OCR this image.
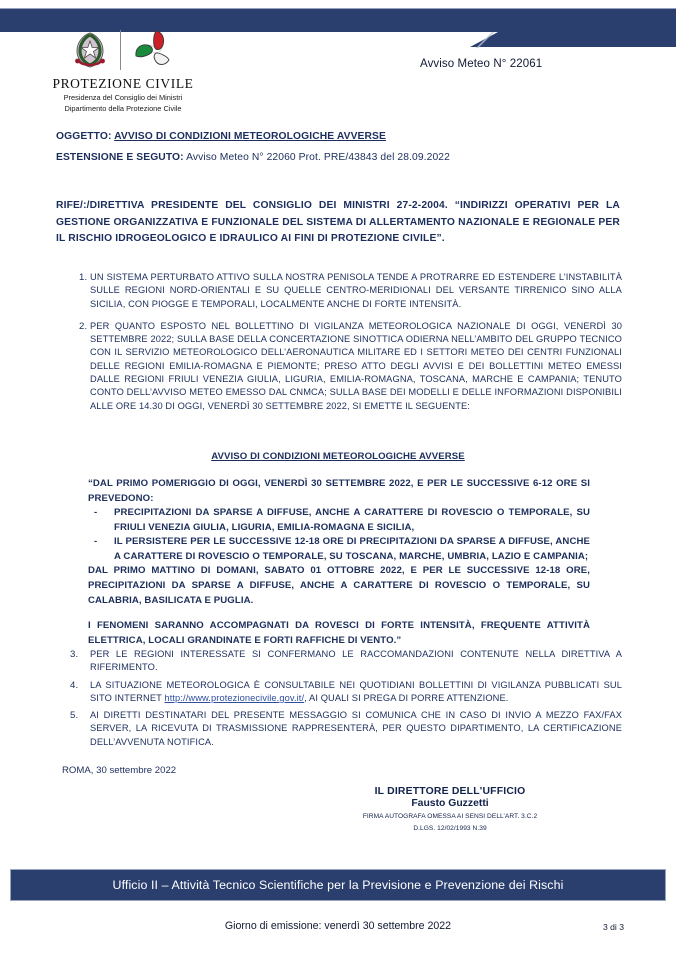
PROTEZIONE CIVILE
Presidenza del Consiglio dei Ministri
Dipartimento della Protezione Civile
Avviso Meteo N° 22061
OGGETTO: AVVISO DI CONDIZIONI METEOROLOGICHE AVVERSE
ESTENSIONE E SEGUTO: Avviso Meteo N° 22060 Prot. PRE/43843 del 28.09.2022
RIFE/:/DIRETTIVA PRESIDENTE DEL CONSIGLIO DEI MINISTRI 27-2-2004. “INDIRIZZI OPERATIVI PER LA GESTIONE ORGANIZZATIVA E FUNZIONALE DEL SISTEMA DI ALLERTAMENTO NAZIONALE E REGIONALE PER IL RISCHIO IDROGEOLOGICO E IDRAULICO AI FINI DI PROTEZIONE CIVILE”.
1. UN SISTEMA PERTURBATO ATTIVO SULLA NOSTRA PENISOLA TENDE A PROTRARRE ED ESTENDERE L’INSTABILITÀ SULLE REGIONI NORD-ORIENTALI E SU QUELLE CENTRO-MERIDIONALI DEL VERSANTE TIRRENICO SINO ALLA SICILIA, CON PIOGGE E TEMPORALI, LOCALMENTE ANCHE DI FORTE INTENSITÀ.
2. PER QUANTO ESPOSTO NEL BOLLETTINO DI VIGILANZA METEOROLOGICA NAZIONALE DI OGGI, VENERDÌ 30 SETTEMBRE 2022; SULLA BASE DELLA CONCERTAZIONE SINOTTICA ODIERNA NELL’AMBITO DEL GRUPPO TECNICO CON IL SERVIZIO METEOROLOGICO DELL’AERONAUTICA MILITARE ED I SETTORI METEO DEI CENTRI FUNZIONALI DELLE REGIONI EMILIA-ROMAGNA E PIEMONTE; PRESO ATTO DEGLI AVVISI E DEI BOLLETTINI METEO EMESSI DALLE REGIONI FRIULI VENEZIA GIULIA, LIGURIA, EMILIA-ROMAGNA, TOSCANA, MARCHE E CAMPANIA; TENUTO CONTO DELL’AVVISO METEO EMESSO DAL CNMCA; SULLA BASE DEI MODELLI E DELLE INFORMAZIONI DISPONIBILI ALLE ORE 14.30 DI OGGI, VENERDÌ 30 SETTEMBRE 2022, SI EMETTE IL SEGUENTE:
AVVISO DI CONDIZIONI METEOROLOGICHE AVVERSE

“DAL PRIMO POMERIGGIO DI OGGI, VENERDÌ 30 SETTEMBRE 2022, E PER LE SUCCESSIVE 6-12 ORE SI PREVEDONO:

- PRECIPITAZIONI DA SPARSE A DIFFUSE, ANCHE A CARATTERE DI ROVESCIO O TEMPORALE, SU FRIULI VENEZIA GIULIA, LIGURIA, EMILIA-ROMAGNA E SICILIA,
- IL PERSISTERE PER LE SUCCESSIVE 12-18 ORE DI PRECIPITAZIONI DA SPARSE A DIFFUSE, ANCHE A CARATTERE DI ROVESCIO O TEMPORALE, SU TOSCANA, MARCHE, UMBRIA, LAZIO E CAMPANIA;

DAL PRIMO MATTINO DI DOMANI, SABATO 01 OTTOBRE 2022, E PER LE SUCCESSIVE 12-18 ORE, PRECIPITAZIONI DA SPARSE A DIFFUSE, ANCHE A CARATTERE DI ROVESCIO O TEMPORALE, SU CALABRIA, BASILICATA E PUGLIA.

I FENOMENI SARANNO ACCOMPAGNATI DA ROVESCI DI FORTE INTENSITÀ, FREQUENTE ATTIVITÀ ELETTRICA, LOCALI GRANDINATE E FORTI RAFFICHE DI VENTO.”

PER LE REGIONI INTERESSATE SI CONFERMANO LE RACCOMANDAZIONI CONTENUTE NELLA DIRETTIVA A RIFERIMENTO.
LA SITUAZIONE METEOROLOGICA È CONSULTABILE NEI QUOTIDIANI BOLLETTINI DI VIGILANZA PUBBLICATI SUL SITO INTERNET http://www.protezionecivile.gov.it/, AI QUALI SI PREGA DI PORRE ATTENZIONE.
AI DIRETTI DESTINATARI DEL PRESENTE MESSAGGIO SI COMUNICA CHE IN CASO DI INVIO A MEZZO FAX/FAX SERVER, LA RICEVUTA DI TRASMISSIONE RAPPRESENTERÀ, PER QUESTO DIPARTIMENTO, LA CERTIFICAZIONE DELL’AVVENUTA NOTIFICA.
ROMA, 30 settembre 2022
IL DIRETTORE DELL'UFFICIO
Fausto Guzzetti
FIRMA AUTOGRAFA OMESSA AI SENSI DELL’ART. 3.C.2
D.LGS. 12/02/1993 N.39
Ufficio II – Attività Tecnico Scientifiche per la Previsione e Prevenzione dei Rischi
Giorno di emissione: venerdì 30 settembre 2022	3 di 3
